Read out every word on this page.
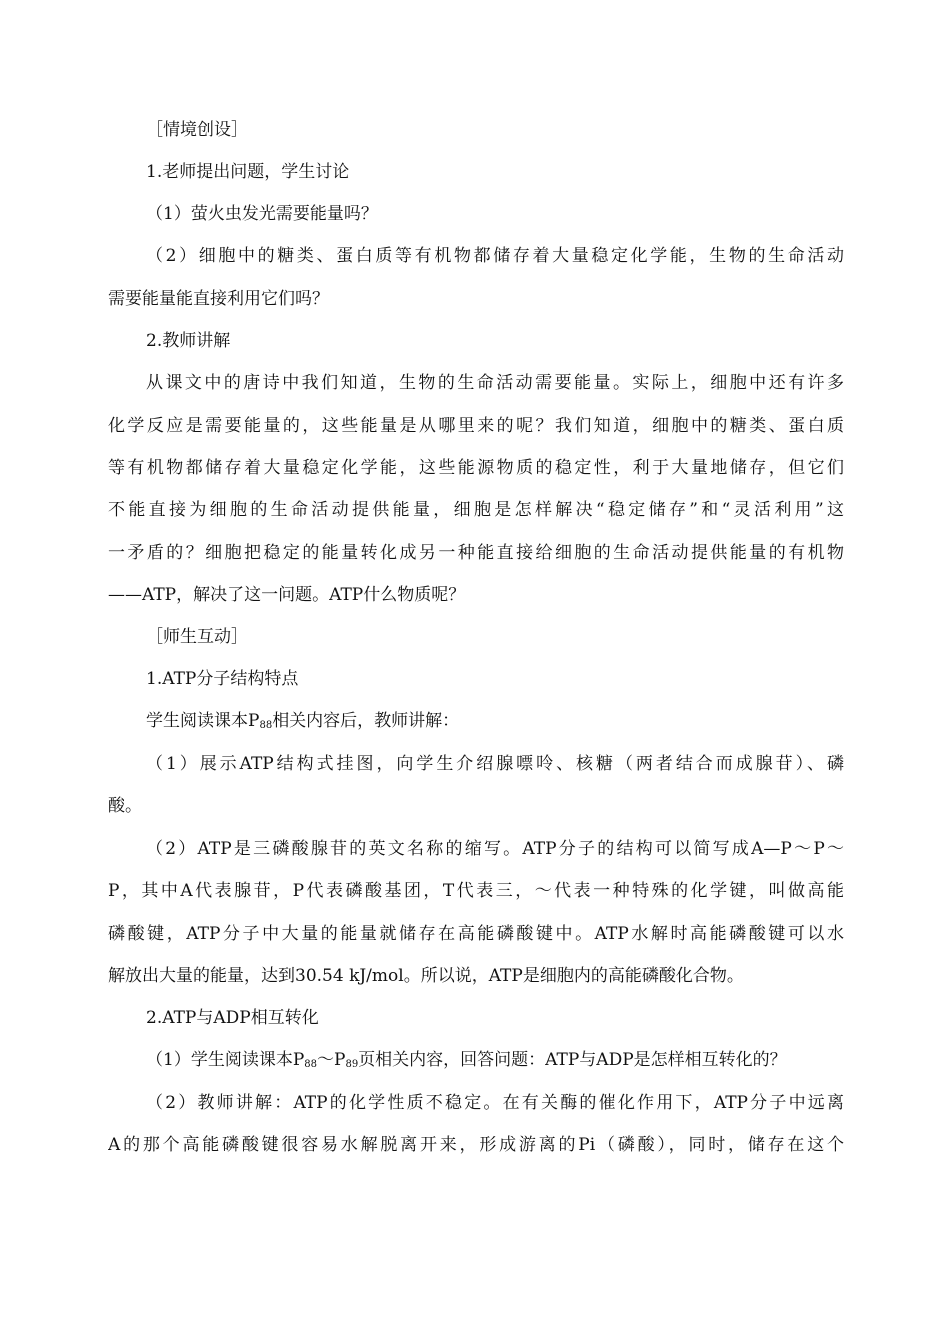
［情境创设］
1.老师提出问题，学生讨论
（1）萤火虫发光需要能量吗？
（2）细胞中的糖类、蛋白质等有机物都储存着大量稳定化学能，生物的生命活动
需要能量能直接利用它们吗？
2.教师讲解
从课文中的唐诗中我们知道，生物的生命活动需要能量。实际上，细胞中还有许多
化学反应是需要能量的，这些能量是从哪里来的呢？我们知道，细胞中的糖类、蛋白质
等有机物都储存着大量稳定化学能，这些能源物质的稳定性，利于大量地储存，但它们
不能直接为细胞的生命活动提供能量，细胞是怎样解决“稳定储存”和“灵活利用”这
一矛盾的？细胞把稳定的能量转化成另一种能直接给细胞的生命活动提供能量的有机物
——ATP，解决了这一问题。ATP什么物质呢？
［师生互动］
1.ATP分子结构特点
学生阅读课本$P_{88}$相关内容后，教师讲解：
（1）展示ATP结构式挂图，向学生介绍腺嘌呤、核糖（两者结合而成腺苷）、磷
酸。
（2）ATP是三磷酸腺苷的英文名称的缩写。ATP分子的结构可以简写成A—P～P～
P，其中A代表腺苷，P代表磷酸基团，T代表三，～代表一种特殊的化学键，叫做高能
磷酸键，ATP分子中大量的能量就储存在高能磷酸键中。ATP水解时高能磷酸键可以水
解放出大量的能量，达到30.54 kJ/mol。所以说，ATP是细胞内的高能磷酸化合物。
2.ATP与ADP相互转化
（1）学生阅读课本$P_{88}\sim P_{89}$页相关内容，回答问题：ATP与ADP是怎样相互转化的？
（2）教师讲解：ATP的化学性质不稳定。在有关酶的催化作用下，ATP分子中远离
A的那个高能磷酸键很容易水解脱离开来，形成游离的Pi（磷酸），同时，储存在这个
